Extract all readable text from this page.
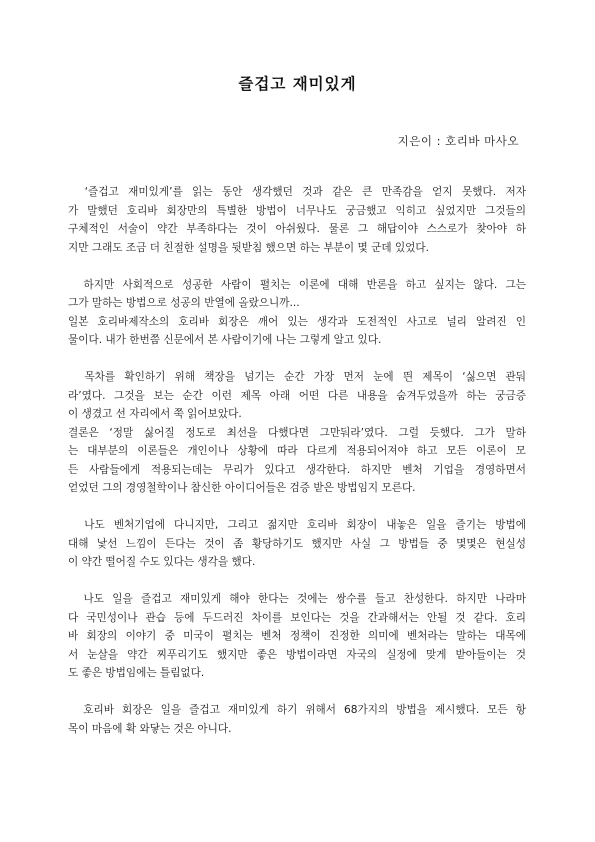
즐겁고 재미있게
지은이 : 호리바 마사오

　‘즐겁고 재미있게’를 읽는 동안 생각했던 것과 같은 큰 만족감을 얻지 못했다. 저자
가 말했던 호리바 회장만의 특별한 방법이 너무나도 궁금했고 익히고 싶었지만 그것들의
구체적인 서술이 약간 부족하다는 것이 아쉬웠다. 물론 그 해답이야 스스로가 찾아야 하
지만 그래도 조금 더 친절한 설명을 뒷받침 했으면 하는 부분이 몇 군데 있었다.

　하지만 사회적으로 성공한 사람이 펼치는 이론에 대해 반론을 하고 싶지는 않다. 그는
그가 말하는 방법으로 성공의 반열에 올랐으니까...
일본 호리바제작소의 호리바 회장은 깨어 있는 생각과 도전적인 사고로 널리 알려진 인
물이다. 내가 한번쯤 신문에서 본 사람이기에 나는 그렇게 알고 있다.

　목차를 확인하기 위해 책장을 넘기는 순간 가장 먼저 눈에 띈 제목이 ‘싫으면 관둬
라’였다. 그것을 보는 순간 이런 제목 아래 어떤 다른 내용을 숨겨두었을까 하는 궁금증
이 생겼고 선 자리에서 쭉 읽어보았다.
결론은 ‘정말 싫어질 정도로 최선을 다했다면 그만둬라’였다. 그럴 듯했다. 그가 말하
는 대부분의 이론들은 개인이나 상황에 따라 다르게 적용되어져야 하고 모든 이론이 모
든 사람들에게 적용되는데는 무리가 있다고 생각한다. 하지만 벤처 기업을 경영하면서
얻었던 그의 경영철학이나 참신한 아이디어들은 검증 받은 방법임지 모른다.

　나도 벤처기업에 다니지만, 그리고 젊지만 호리바 회장이 내놓은 일을 즐기는 방법에
대해 낯선 느낌이 든다는 것이 좀 황당하기도 했지만 사실 그 방법들 중 몇몇은 현실성
이 약간 떨어질 수도 있다는 생각을 했다.

　나도 일을 즐겁고 재미있게 해야 한다는 것에는 쌍수를 들고 찬성한다. 하지만 나라마
다 국민성이나 관습 등에 두드러진 차이를 보인다는 것을 간과해서는 안될 것 같다. 호리
바 회장의 이야기 중 미국이 펼치는 벤처 정책이 진정한 의미에 벤처라는 말하는 대목에
서 눈살을 약간 찌푸리기도 했지만 좋은 방법이라면 자국의 실정에 맞게 받아들이는 것
도 좋은 방법임에는 틀림없다.

　호리바 회장은 일을 즐겁고 재미있게 하기 위해서 68가지의 방법을 제시했다. 모든 항
목이 마음에 확 와닿는 것은 아니다.
